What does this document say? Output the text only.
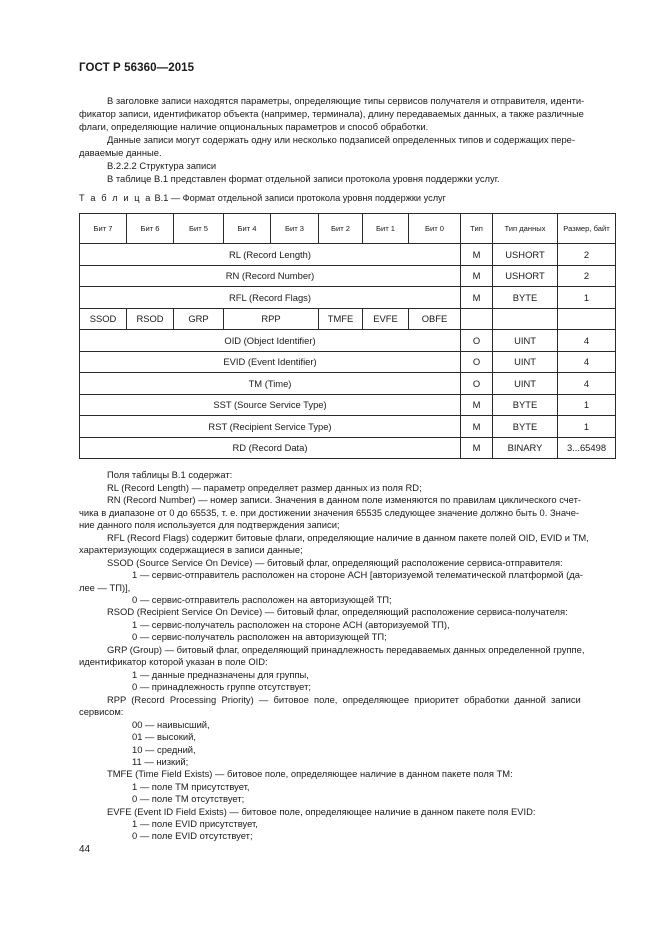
ГОСТ Р 56360—2015

В заголовке записи находятся параметры, определяющие типы сервисов получателя и отправителя, иденти-

фикатор записи, идентификатор объекта (например, терминала), длину передаваемых данных, а также различные

флаги, определяющие наличие опциональных параметров и способ обработки.

Данные записи могут содержать одну или несколько подзаписей определенных типов и содержащих пере-

даваемые данные.

В.2.2.2 Структура записи

В таблице В.1 представлен формат отдельной записи протокола уровня поддержки услуг.

Т а б л и ц а В.1 — Формат отдельной записи протокола уровня поддержки услуг
Бит 7	Бит 6	Бит 5	Бит 4	Бит 3	Бит 2	Бит 1	Бит 0	Тип	Тип данных	Размер, байт
RL (Record Length)								M	USHORT	2
RN (Record Number)								M	USHORT	2
RFL (Record Flags)								M	BYTE	1
SSOD	RSOD	GRP	RPP		TMFE	EVFE	OBFE			
OID (Object Identifier)								O	UINT	4
EVID (Event Identifier)								O	UINT	4
TM (Time)								O	UINT	4
SST (Source Service Type)								M	BYTE	1
RST (Recipient Service Type)								M	BYTE	1
RD (Record Data)								M	BINARY	3...65498

Поля таблицы В.1 содержат:

RL (Record Length) — параметр определяет размер данных из поля RD;

RN (Record Number) — номер записи. Значения в данном поле изменяются по правилам циклического счет-

чика в диапазоне от 0 до 65535, т. е. при достижении значения 65535 следующее значение должно быть 0. Значе-

ние данного поля используется для подтверждения записи;

RFL (Record Flags) содержит битовые флаги, определяющие наличие в данном пакете полей OID, EVID и TM,

характеризующих содержащиеся в записи данные;

SSOD (Source Service On Device) — битовый флаг, определяющий расположение сервиса-отправителя:

1 — сервис-отправитель расположен на стороне АСН [авторизуемой телематической платформой (да-

лее — ТП)],

0 — сервис-отправитель расположен на авторизующей ТП;

RSOD (Recipient Service On Device) — битовый флаг, определяющий расположение сервиса-получателя:

1 — сервис-получатель расположен на стороне АСН (авторизуемой ТП),

0 — сервис-получатель расположен на авторизующей ТП;

GRP (Group) — битовый флаг, определяющий принадлежность передаваемых данных определенной группе,

идентификатор которой указан в поле OID:

1 — данные предназначены для группы,

0 — принадлежность группе отсутствует;

RPP (Record Processing Priority) — битовое поле, определяющее приоритет обработки данной записи

сервисом:

00 — наивысший,

01 — высокий,

10 — средний,

11 — низкий;

TMFE (Time Field Exists) — битовое поле, определяющее наличие в данном пакете поля TM:

1 — поле TM присутствует,

0 — поле TM отсутствует;

EVFE (Event ID Field Exists) — битовое поле, определяющее наличие в данном пакете поля EVID:

1 — поле EVID присутствует,

0 — поле EVID отсутствует;

44
